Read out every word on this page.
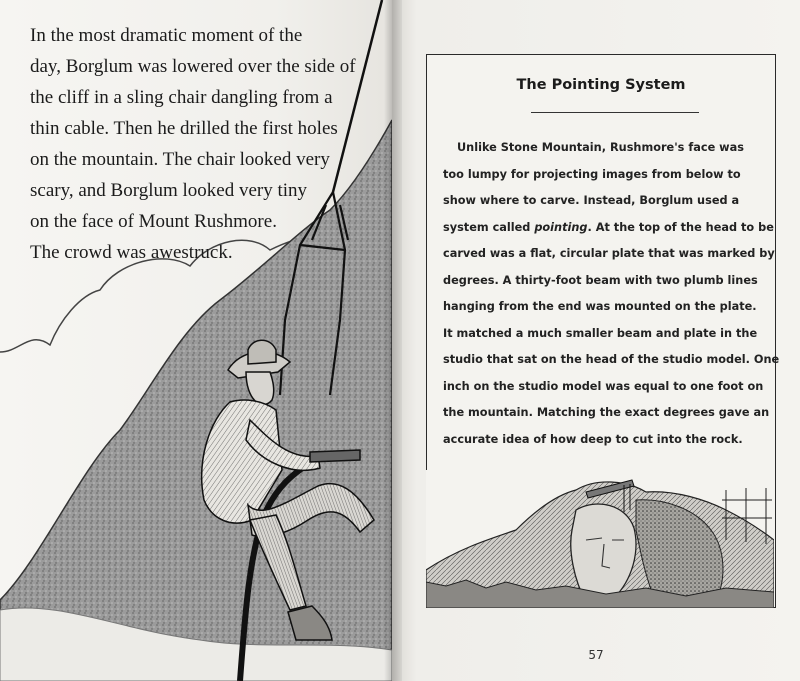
In the most dramatic moment of the
day, Borglum was lowered over the side of
the cliff in a sling chair dangling from a
thin cable. Then he drilled the first holes
on the mountain. The chair looked very
scary, and Borglum looked very tiny
on the face of Mount Rushmore.
The crowd was awestruck.
The Pointing System
Unlike Stone Mountain, Rushmore's face was
too lumpy for projecting images from below to
show where to carve. Instead, Borglum used a
system called pointing. At the top of the head to be
carved was a flat, circular plate that was marked by
degrees. A thirty-foot beam with two plumb lines
hanging from the end was mounted on the plate.
It matched a much smaller beam and plate in the
studio that sat on the head of the studio model. One
inch on the studio model was equal to one foot on
the mountain. Matching the exact degrees gave an
accurate idea of how deep to cut into the rock.
57
